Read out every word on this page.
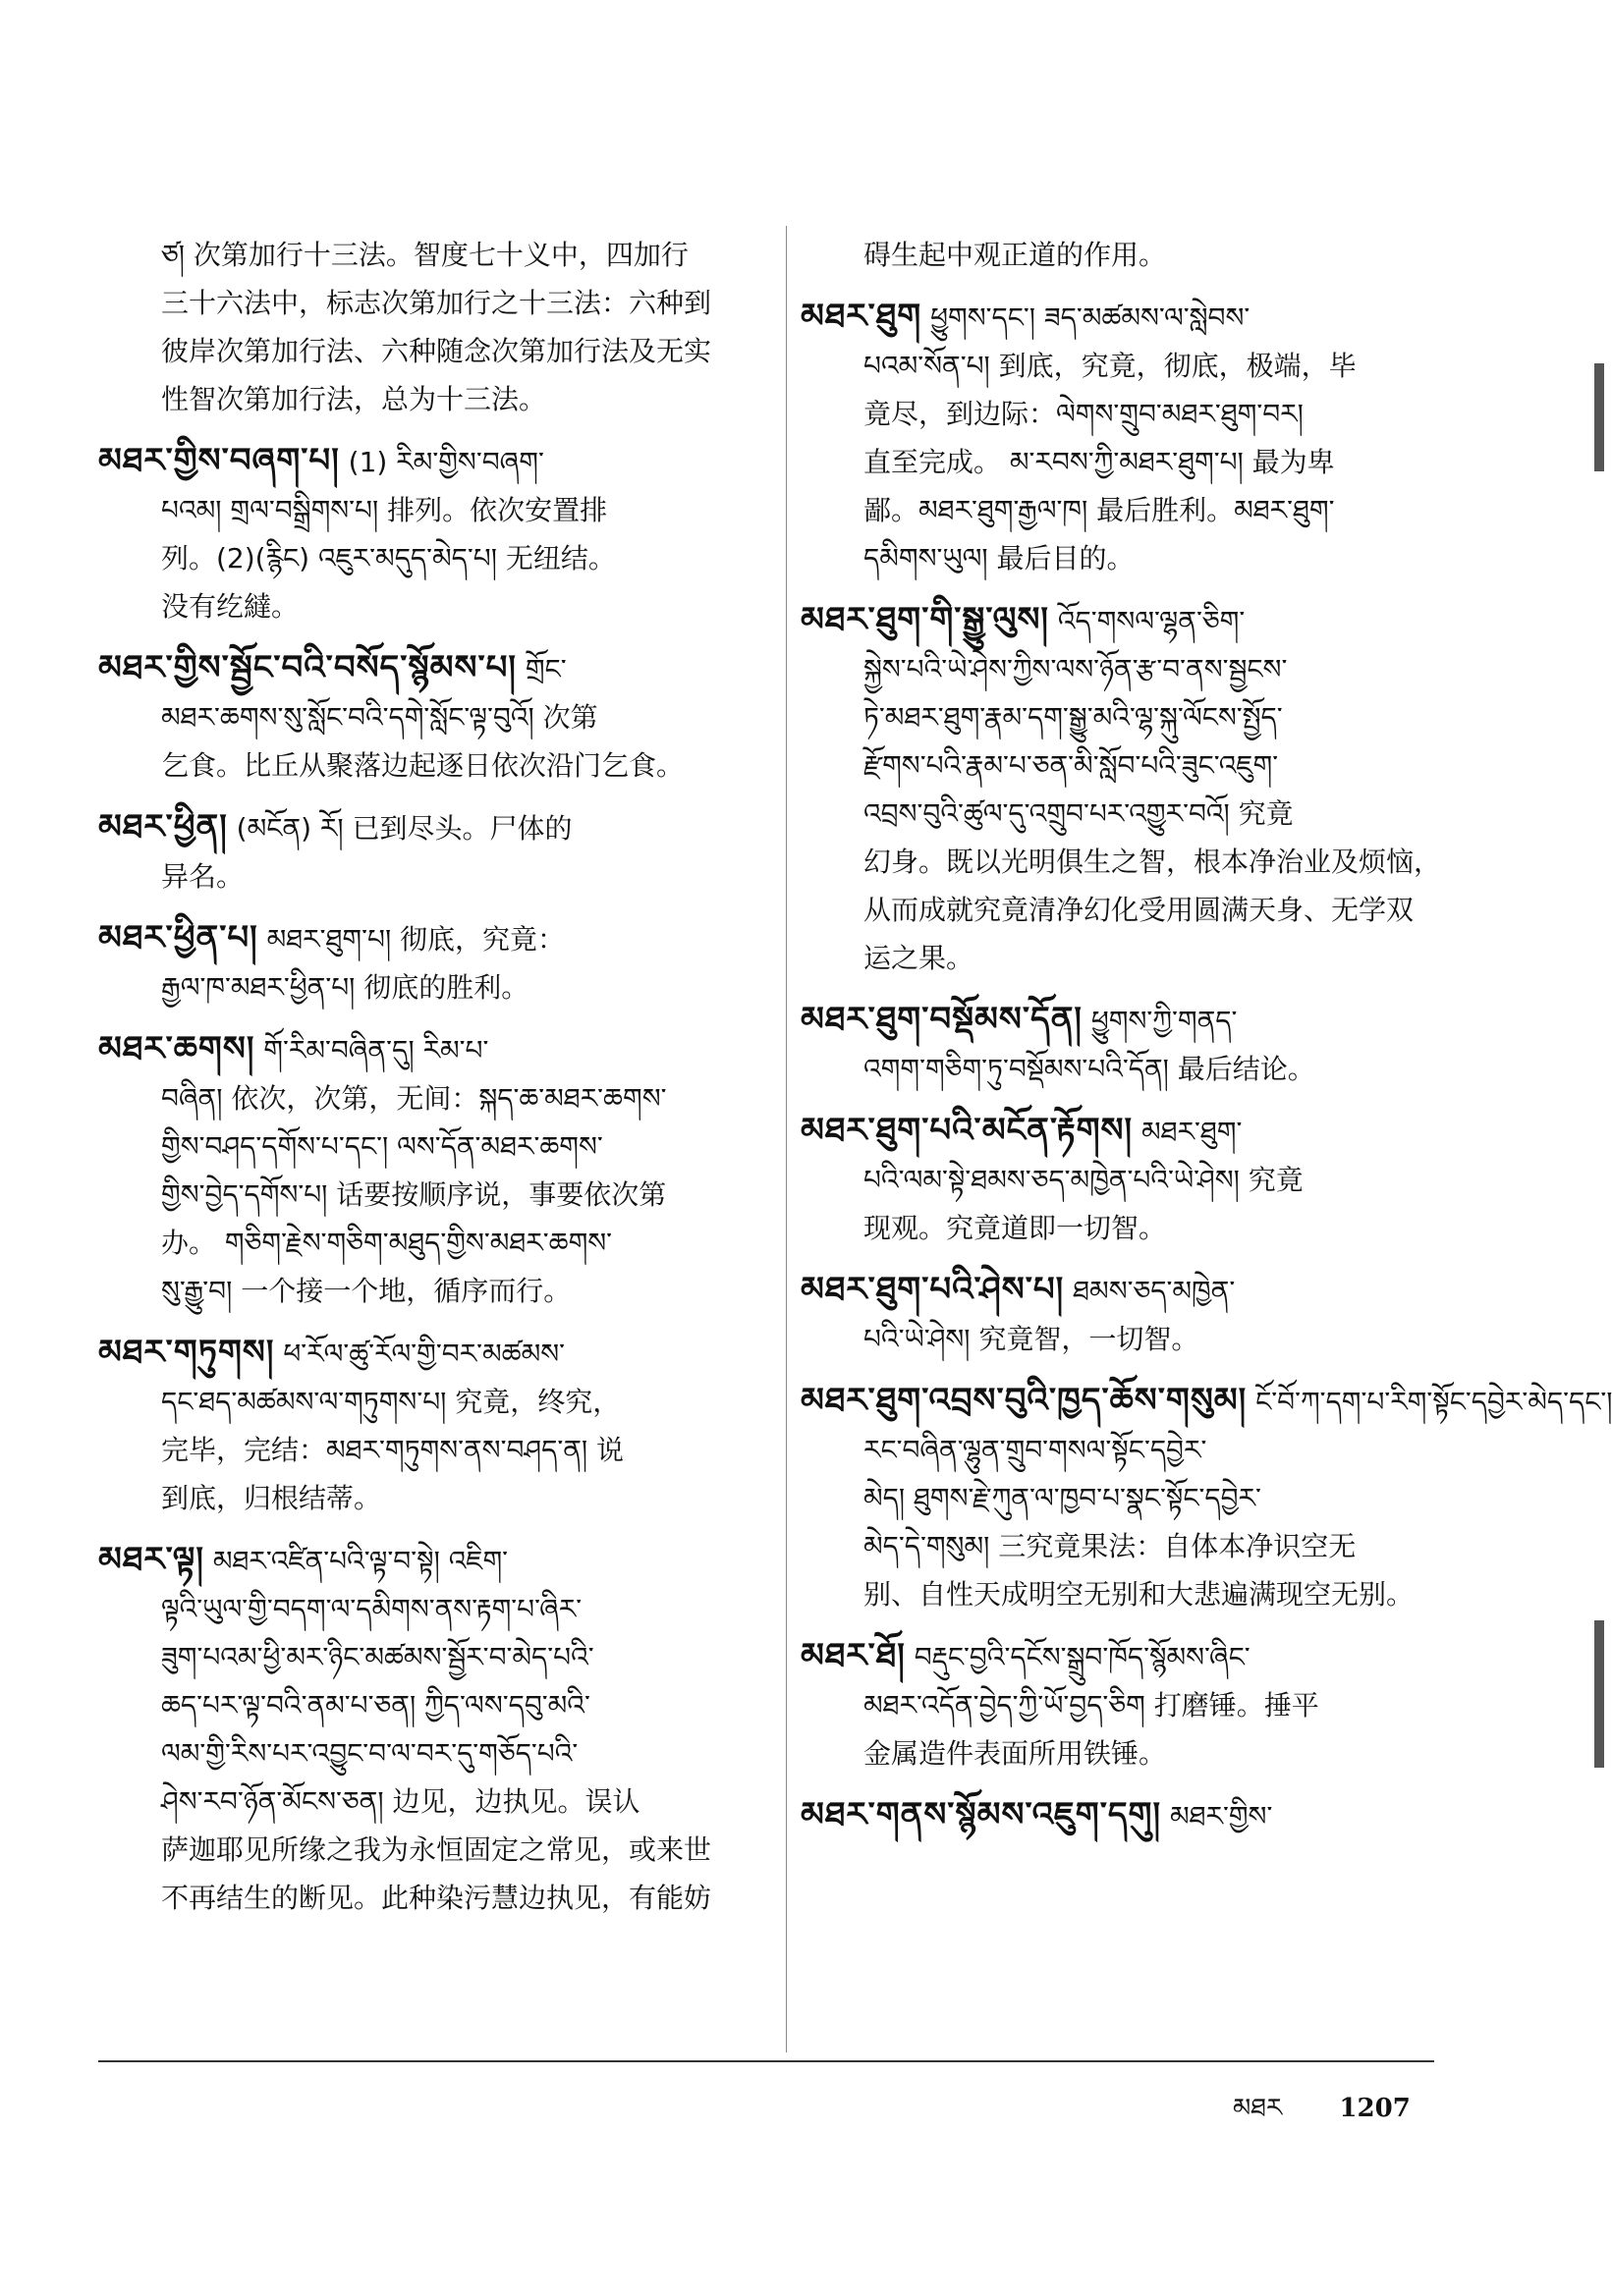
ཙ། 次第加行十三法。智度七十义中，四加行
三十六法中，标志次第加行之十三法：六种到
彼岸次第加行法、六种随念次第加行法及无实
性智次第加行法，总为十三法。
མཐར་གྱིས་བཞག་པ། (1) རིམ་གྱིས་བཞག་
པའམ། གྲལ་བསྒྲིགས་པ། 排列。依次安置排
列。(2)(རྙིང) འཇུར་མདུད་མེད་པ། 无纽结。
没有纥繨。
མཐར་གྱིས་སྦྱོང་བའི་བསོད་སྙོམས་པ། གྲོང་
མཐར་ཆགས་སུ་སློང་བའི་དགེ་སློང་ལྟ་བུའོ། 次第
乞食。比丘从聚落边起逐日依次沿门乞食。
མཐར་ཕྱིན། (མངོན) རོ། 已到尽头。尸体的
异名。
མཐར་ཕྱིན་པ། མཐར་ཐུག་པ། 彻底，究竟：
རྒྱལ་ཁ་མཐར་ཕྱིན་པ། 彻底的胜利。
མཐར་ཆགས། གོ་རིམ་བཞིན་དུ། རིམ་པ་
བཞིན། 依次，次第，无间：སྐད་ཆ་མཐར་ཆགས་
གྱིས་བཤད་དགོས་པ་དང་། ལས་དོན་མཐར་ཆགས་
གྱིས་བྱེད་དགོས་པ། 话要按顺序说，事要依次第
办。 གཅིག་རྗེས་གཅིག་མཐུད་གྱིས་མཐར་ཆགས་
སུ་རྒྱུ་བ། 一个接一个地，循序而行。
མཐར་གཏུགས། ཕ་རོལ་ཚུ་རོལ་གྱི་བར་མཚམས་
དང་ཐད་མཚམས་ལ་གཏུགས་པ། 究竟，终究，
完毕，完结：མཐར་གཏུགས་ནས་བཤད་ན། 说
到底，归根结蒂。
མཐར་ལྟ། མཐར་འཛིན་པའི་ལྟ་བ་སྟེ། འཇིག་
ལྟའི་ཡུལ་གྱི་བདག་ལ་དམིགས་ནས་རྟག་པ་ཞིར་
ཟུག་པའམ་ཕྱི་མར་ཉིང་མཚམས་སྦྱོར་བ་མེད་པའི་
ཆད་པར་ལྟ་བའི་ནམ་པ་ཅན། ཀྱིད་ལས་དབུ་མའི་
ལམ་གྱི་རིས་པར་འབྱུང་བ་ལ་བར་དུ་གཅོད་པའི་
ཤེས་རབ་ཉོན་མོངས་ཅན། 边见，边执见。误认
萨迦耶见所缘之我为永恒固定之常见，或来世
不再结生的断见。此种染污慧边执见，有能妨
碍生起中观正道的作用。
མཐར་ཐུག ཕྱུགས་དང་། ཟད་མཚམས་ལ་སླེབས་
པའམ་སོན་པ། 到底，究竟，彻底，极端，毕
竟尽，到边际：ལེགས་གྲུབ་མཐར་ཐུག་བར།
直至完成。 མ་རབས་ཀྱི་མཐར་ཐུག་པ། 最为卑
鄙。མཐར་ཐུག་རྒྱལ་ཁ། 最后胜利。མཐར་ཐུག་
དམིགས་ཡུལ། 最后目的。
མཐར་ཐུག་གི་སྒྱུ་ལུས། འོད་གསལ་ལྷན་ཅིག་
སྐྱེས་པའི་ཡེ་ཤེས་ཀྱིས་ལས་ཉོན་རྩ་བ་ནས་སྦྱངས་
ཏེ་མཐར་ཐུག་རྣམ་དག་སྒྱུ་མའི་ལྷ་སྐུ་ལོངས་སྤྱོད་
རྫོགས་པའི་རྣམ་པ་ཅན་མི་སློབ་པའི་ཟུང་འཇུག་
འབྲས་བུའི་ཚུལ་དུ་འགྲུབ་པར་འགྱུར་བའོ། 究竟
幻身。既以光明俱生之智，根本净治业及烦恼，
从而成就究竟清净幻化受用圆满天身、无学双
运之果。
མཐར་ཐུག་བསྡོམས་དོན། ཕྱུགས་ཀྱི་གནད་
འགག་གཅིག་ཏུ་བསྡོམས་པའི་དོན། 最后结论。
མཐར་ཐུག་པའི་མངོན་རྟོགས། མཐར་ཐུག་
པའི་ལམ་སྟེ་ཐམས་ཅད་མཁྱེན་པའི་ཡེ་ཤེས། 究竟
现观。究竟道即一切智。
མཐར་ཐུག་པའི་ཤེས་པ། ཐམས་ཅད་མཁྱེན་
པའི་ཡེ་ཤེས། 究竟智，一切智。
མཐར་ཐུག་འབྲས་བུའི་ཁྱད་ཆོས་གསུམ། ངོ་བོ་ཀ་དག་པ་རིག་སྟོང་དབྱེར་མེད་དང་།
རང་བཞིན་ལྷུན་གྲུབ་གསལ་སྟོང་དབྱེར་
མེད། ཐུགས་རྗེ་ཀུན་ལ་ཁྱབ་པ་སྣང་སྟོང་དབྱེར་
མེད་དེ་གསུམ། 三究竟果法：自体本净识空无
别、自性天成明空无别和大悲遍满现空无别。
མཐར་ཐོ། བརྡུང་བྱའི་དངོས་སྒྲུབ་ཁོད་སྙོམས་ཞིང་
མཐར་འདོན་བྱེད་ཀྱི་ཡོ་བྱད་ཅིག 打磨锤。捶平
金属造件表面所用铁锤。
མཐར་གནས་སྙོམས་འཇུག་དགུ། མཐར་གྱིས་
མཐར 1207
